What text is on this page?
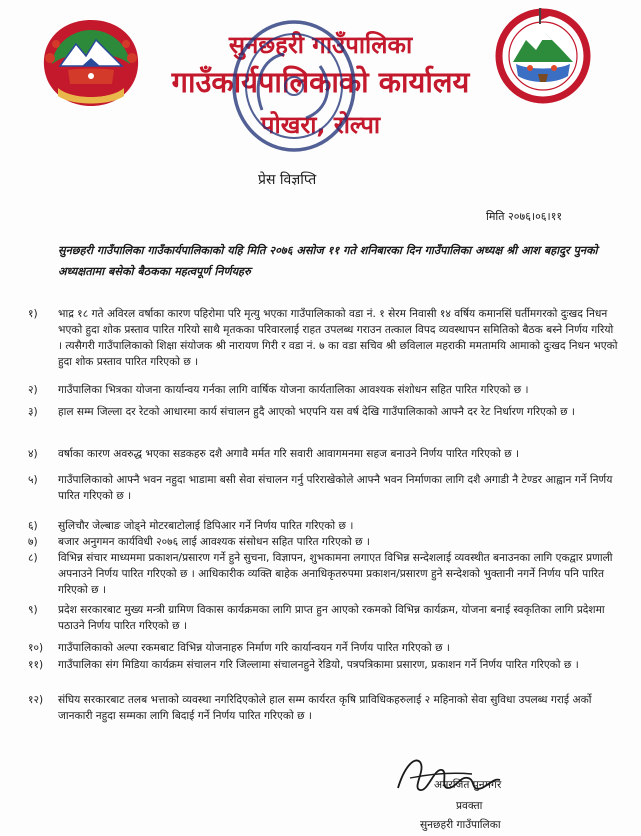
सुनछहरी गाउँपालिका
गाउँकार्यपालिकाको कार्यालय
पोखरा, रोल्पा
प्रेस विज्ञप्ति
मिति २०७६।०६।११
सुनछहरी गाउँपालिका गाउँकार्यपालिकाको यहि मिति २०७६ असोज ११ गते शनिबारका दिन गाउँपालिका अध्यक्ष श्री आश बहादुर पुनको अध्यक्षतामा बसेको बैठकका महत्वपूर्ण निर्णयहरु
१)	भाद्र १८ गते अविरल वर्षाका कारण पहिरोमा परि मृत्यु भएका गाउँपालिकाको वडा नं. १ सेरम निवासी १४ वर्षिय कमानसिं घर्तीमगरको दुःखद निधन भएको हुदा शोक प्रस्ताव पारित गरियो साथै मृतकका परिवारलाई राहत उपलब्ध गराउन तत्काल विपद व्यवस्थापन समितिको बैठक बस्ने निर्णय गरियो । त्यसैगरी गाउँपालिकाको शिक्षा संयोजक श्री नारायण गिरी र वडा नं. ७ का वडा सचिव श्री छविलाल महराकी ममतामयि आमाको दुःखद निधन भएको हुदा शोक प्रस्ताव पारित गरिएको छ ।
२)	गाउँपालिका भित्रका योजना कार्यान्वय गर्नका लागि वार्षिक योजना कार्यतालिका आवश्यक संशोधन सहित पारित गरिएको छ ।
३)	हाल सम्म जिल्ला दर रेटको आधारमा कार्य संचालन हुदै आएको भएपनि यस वर्ष देखि गाउँपालिकाको आफ्नै दर रेट निर्धारण गरिएको छ ।
४)	वर्षाका कारण अवरुद्ध भएका सडकहरु दशै अगावै मर्मत गरि सवारी आवागमनमा सहज बनाउने निर्णय पारित गरिएको छ ।
५)	गाउँपालिकाको आफ्नै भवन नहुदा भाडामा बसी सेवा संचालन गर्नु परिराखेकोले आफ्नै भवन निर्माणका लागि दशै अगाडी नै टेण्डर आह्वान गर्ने निर्णय पारित गरिएको छ ।
६)	सुलिचौर जेल्बाङ जोड्ने मोटरबाटोलाई डिपिआर गर्ने निर्णय पारित गरिएको छ ।
७)	बजार अनुगमन कार्यविधी २०७६ लाई आवश्यक संसोधन सहित पारित गरिएको छ ।
८)	विभिन्न संचार माध्यममा प्रकाशन/प्रसारण गर्ने हुने सुचना, विज्ञापन, शुभकामना लगाएत विभिन्न सन्देशलाई व्यवस्थीत बनाउनका लागि एकद्वार प्रणाली अपनाउने निर्णय पारित गरिएको छ । आधिकारीक व्यक्ति बाहेक अनाधिकृतरुपमा प्रकाशन/प्रसारण हुने सन्देशको भुक्तानी नगर्ने निर्णय पनि पारित गरिएको छ ।
९)	प्रदेश सरकारबाट मुख्य मन्त्री ग्रामिण विकास कार्यक्रमका लागि प्राप्त हुन आएको रकमको विभिन्न कार्यक्रम, योजना बनाई स्वकृतिका लागि प्रदेशमा पठाउने निर्णय पारित गरिएको छ ।
१०)	गाउँपालिकाको अल्पा रकमबाट विभिन्न योजनाहरु निर्माण गरि कार्यान्वयन गर्ने निर्णय पारित गरिएको छ ।
११)	गाउँपालिका संग मिडिया कार्यक्रम संचालन गरि जिल्लामा संचालनहुने रेडियो, पत्रपत्रिकामा प्रसारण, प्रकाशन गर्ने निर्णय पारित गरिएको छ ।
१२)	संघिय सरकारबाट तलब भत्ताको व्यवस्था नगरिदिएकोले हाल सम्म कार्यरत कृषि प्राविधिकहरुलाई २ महिनाको सेवा सुविधा उपलब्ध गराई अर्को जानकारी नहुदा सम्मका लागि बिदाई गर्ने निर्णय पारित गरिएको छ ।
अमरजित पुनमगर
प्रवक्ता
सुनछहरी गाउँपालिका
